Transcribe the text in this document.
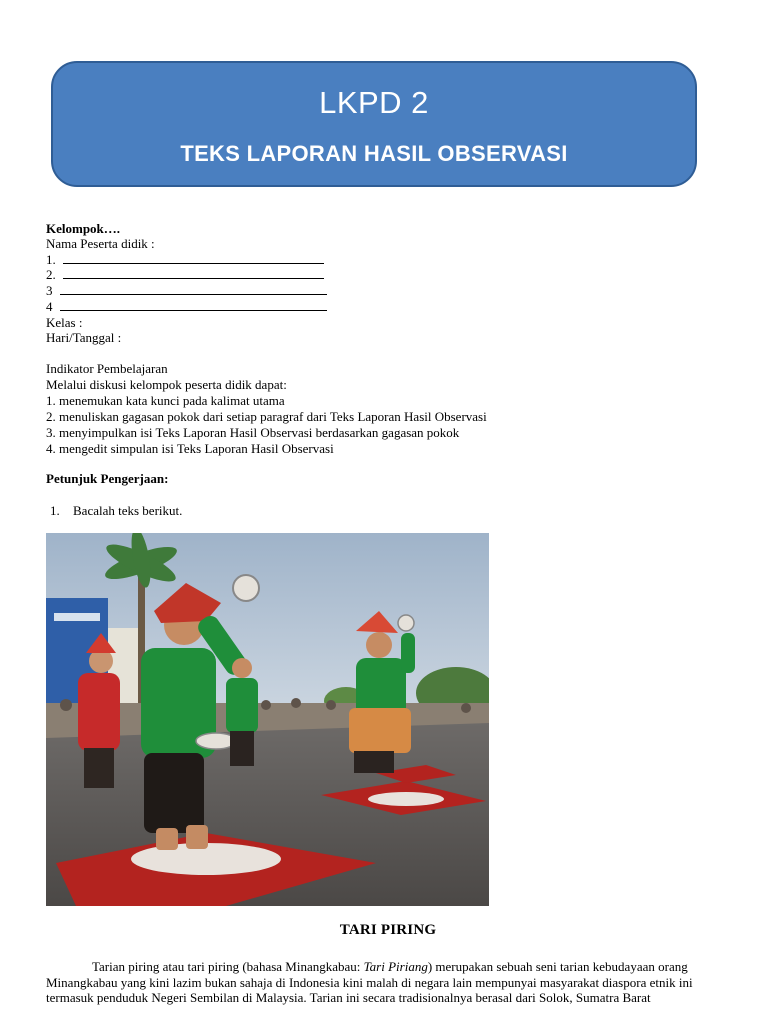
LKPD 2
TEKS LAPORAN HASIL OBSERVASI
Kelompok….
Nama Peserta didik :
1.
2.
3
4
Kelas :
Hari/Tanggal :
Indikator Pembelajaran
Melalui diskusi kelompok peserta didik dapat:
1. menemukan kata kunci pada kalimat utama
2. menuliskan gagasan pokok dari setiap paragraf dari Teks Laporan Hasil Observasi
3. menyimpulkan isi Teks Laporan Hasil Observasi berdasarkan gagasan pokok
4. mengedit simpulan isi Teks Laporan Hasil Observasi
Petunjuk Pengerjaan:
1. Bacalah teks berikut.
TARI PIRING
Tarian piring atau tari piring (bahasa Minangkabau: Tari Piriang) merupakan sebuah seni tarian kebudayaan orang Minangkabau yang kini lazim bukan sahaja di Indonesia kini malah di negara lain mempunyai masyarakat diaspora etnik ini termasuk penduduk Negeri Sembilan di Malaysia. Tarian ini secara tradisionalnya berasal dari Solok, Sumatra Barat
